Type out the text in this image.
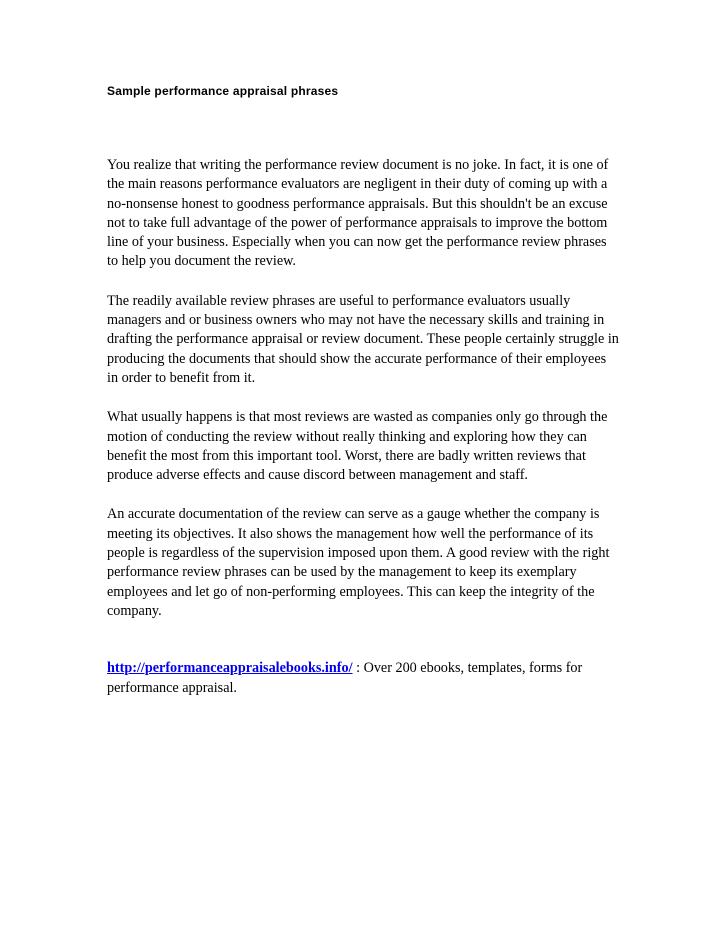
Sample performance appraisal phrases

You realize that writing the performance review document is no joke. In fact, it is one of the main reasons performance evaluators are negligent in their duty of coming up with a no-nonsense honest to goodness performance appraisals. But this shouldn't be an excuse not to take full advantage of the power of performance appraisals to improve the bottom line of your business. Especially when you can now get the performance review phrases to help you document the review.

The readily available review phrases are useful to performance evaluators usually managers and or business owners who may not have the necessary skills and training in drafting the performance appraisal or review document. These people certainly struggle in producing the documents that should show the accurate performance of their employees in order to benefit from it.

What usually happens is that most reviews are wasted as companies only go through the motion of conducting the review without really thinking and exploring how they can benefit the most from this important tool. Worst, there are badly written reviews that produce adverse effects and cause discord between management and staff.

An accurate documentation of the review can serve as a gauge whether the company is meeting its objectives. It also shows the management how well the performance of its people is regardless of the supervision imposed upon them. A good review with the right performance review phrases can be used by the management to keep its exemplary employees and let go of non-performing employees. This can keep the integrity of the company.

http://performanceappraisalebooks.info/ : Over 200 ebooks, templates, forms for performance appraisal.
